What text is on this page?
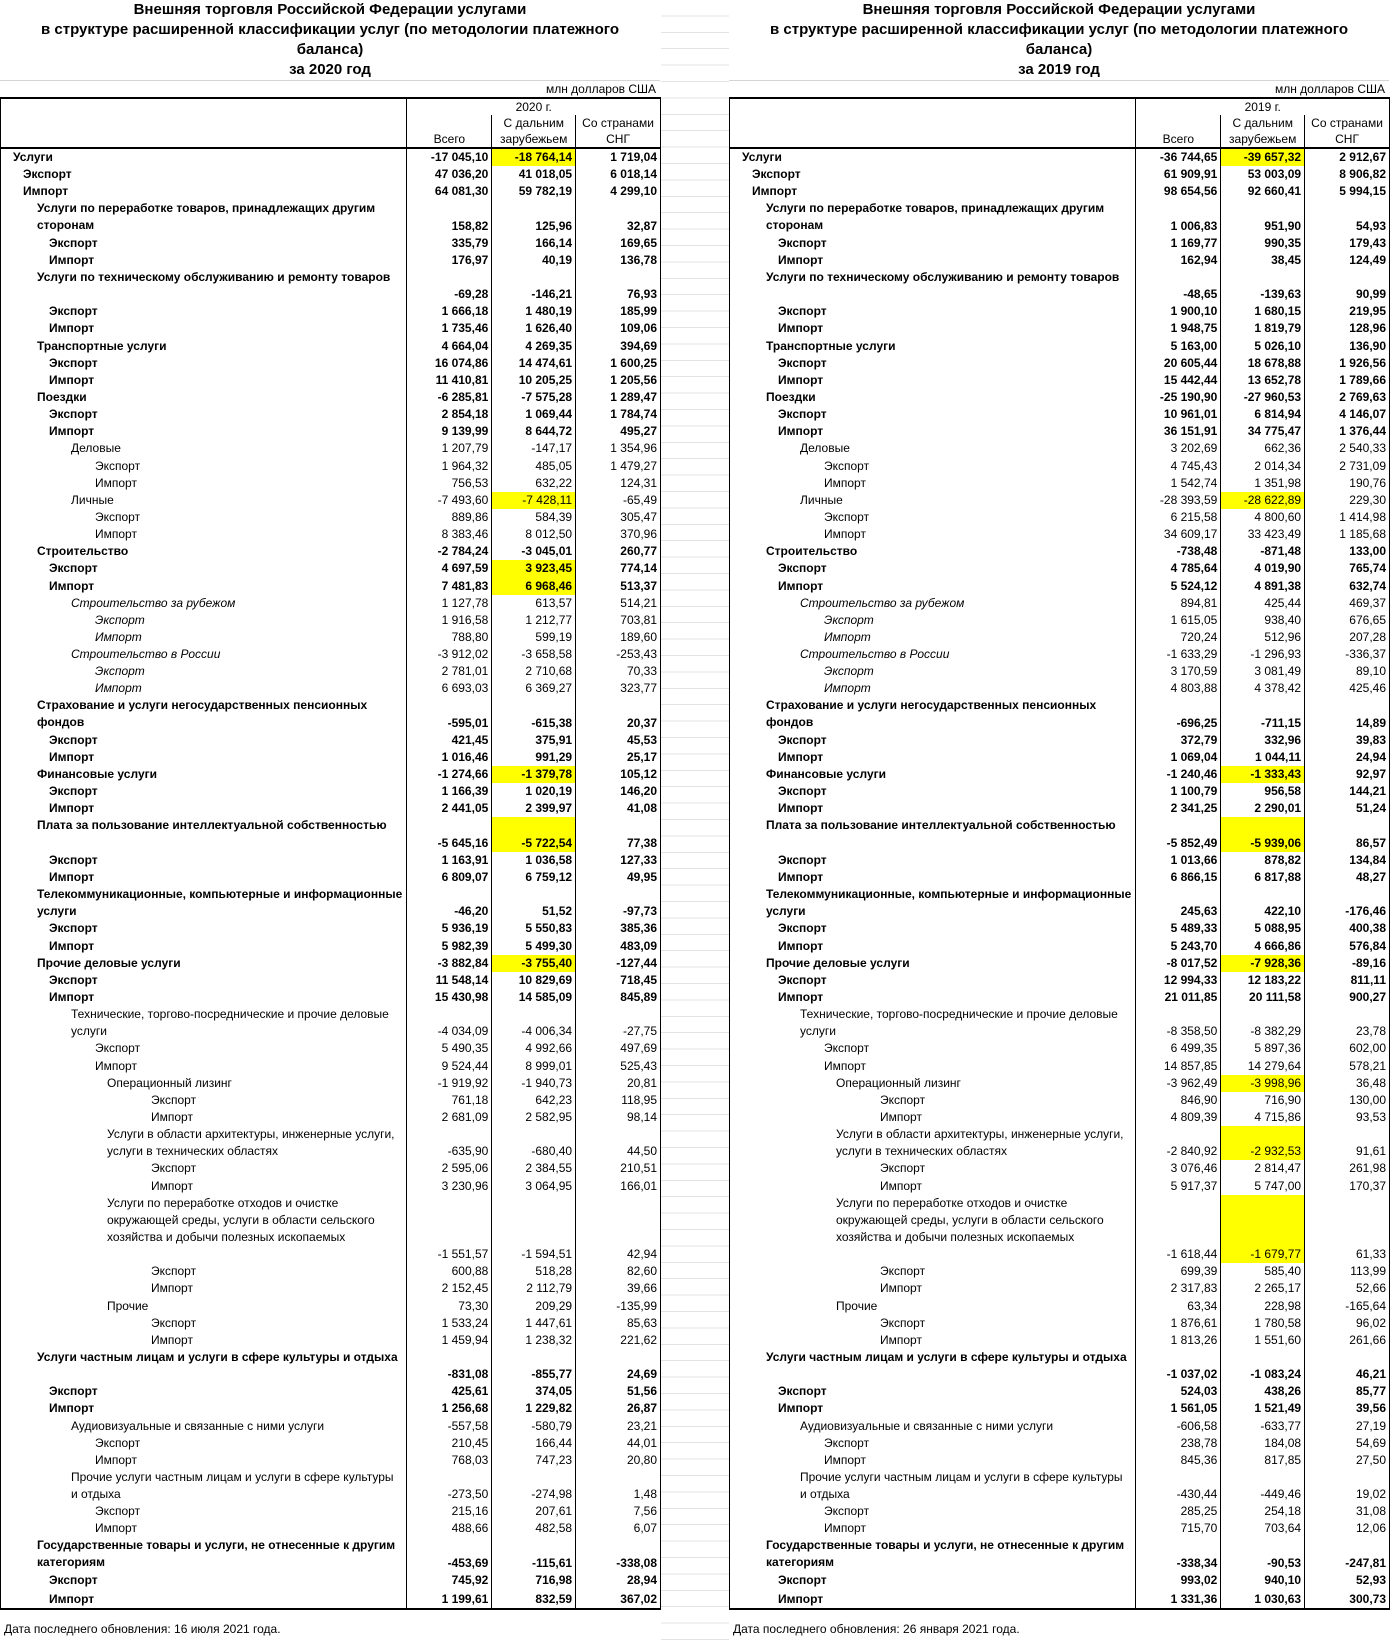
Внешняя торговля Российской Федерации услугами
в структуре расширенной классификации услуг (по методологии платежного
баланса)
за 2020 год
млн долларов США
	2020 г.		
		С дальним	Со странами
	Всего	зарубежьем	СНГ
Услуги	-17 045,10	-18 764,14	1 719,04
Экспорт	47 036,20	41 018,05	6 018,14
Импорт	64 081,30	59 782,19	4 299,10
Услуги по переработке товаров, принадлежащих другим сторонам	158,82	125,96	32,87
Экспорт	335,79	166,14	169,65
Импорт	176,97	40,19	136,78
Услуги по техническому обслуживанию и ремонту товаров	-69,28	-146,21	76,93
Экспорт	1 666,18	1 480,19	185,99
Импорт	1 735,46	1 626,40	109,06
Транспортные услуги	4 664,04	4 269,35	394,69
Экспорт	16 074,86	14 474,61	1 600,25
Импорт	11 410,81	10 205,25	1 205,56
Поездки	-6 285,81	-7 575,28	1 289,47
Экспорт	2 854,18	1 069,44	1 784,74
Импорт	9 139,99	8 644,72	495,27
Деловые	1 207,79	-147,17	1 354,96
Экспорт	1 964,32	485,05	1 479,27
Импорт	756,53	632,22	124,31
Личные	-7 493,60	-7 428,11	-65,49
Экспорт	889,86	584,39	305,47
Импорт	8 383,46	8 012,50	370,96
Строительство	-2 784,24	-3 045,01	260,77
Экспорт	4 697,59	3 923,45	774,14
Импорт	7 481,83	6 968,46	513,37
Строительство за рубежом	1 127,78	613,57	514,21
Экспорт	1 916,58	1 212,77	703,81
Импорт	788,80	599,19	189,60
Строительство в России	-3 912,02	-3 658,58	-253,43
Экспорт	2 781,01	2 710,68	70,33
Импорт	6 693,03	6 369,27	323,77
Страхование и услуги негосударственных пенсионных фондов	-595,01	-615,38	20,37
Экспорт	421,45	375,91	45,53
Импорт	1 016,46	991,29	25,17
Финансовые услуги	-1 274,66	-1 379,78	105,12
Экспорт	1 166,39	1 020,19	146,20
Импорт	2 441,05	2 399,97	41,08
Плата за пользование интеллектуальной собственностью	-5 645,16	-5 722,54	77,38
Экспорт	1 163,91	1 036,58	127,33
Импорт	6 809,07	6 759,12	49,95
Телекоммуникационные, компьютерные и информационные услуги	-46,20	51,52	-97,73
Экспорт	5 936,19	5 550,83	385,36
Импорт	5 982,39	5 499,30	483,09
Прочие деловые услуги	-3 882,84	-3 755,40	-127,44
Экспорт	11 548,14	10 829,69	718,45
Импорт	15 430,98	14 585,09	845,89
Технические, торгово-посреднические и прочие деловые услуги	-4 034,09	-4 006,34	-27,75
Экспорт	5 490,35	4 992,66	497,69
Импорт	9 524,44	8 999,01	525,43
Операционный лизинг	-1 919,92	-1 940,73	20,81
Экспорт	761,18	642,23	118,95
Импорт	2 681,09	2 582,95	98,14
Услуги в области архитектуры, инженерные услуги, услуги в технических областях	-635,90	-680,40	44,50
Экспорт	2 595,06	2 384,55	210,51
Импорт	3 230,96	3 064,95	166,01
Услуги по переработке отходов и очистке окружающей среды, услуги в области сельского хозяйства и добычи полезных ископаемых	-1 551,57	-1 594,51	42,94
Экспорт	600,88	518,28	82,60
Импорт	2 152,45	2 112,79	39,66
Прочие	73,30	209,29	-135,99
Экспорт	1 533,24	1 447,61	85,63
Импорт	1 459,94	1 238,32	221,62
Услуги частным лицам и услуги в сфере культуры и отдыха	-831,08	-855,77	24,69
Экспорт	425,61	374,05	51,56
Импорт	1 256,68	1 229,82	26,87
Аудиовизуальные и связанные с ними услуги	-557,58	-580,79	23,21
Экспорт	210,45	166,44	44,01
Импорт	768,03	747,23	20,80
Прочие услуги частным лицам и услуги в сфере культуры и отдыха	-273,50	-274,98	1,48
Экспорт	215,16	207,61	7,56
Импорт	488,66	482,58	6,07
Государственные товары и услуги, не отнесенные к другим категориям	-453,69	-115,61	-338,08
Экспорт	745,92	716,98	28,94
Импорт	1 199,61	832,59	367,02
Дата последнего обновления: 16 июля 2021 года.
Внешняя торговля Российской Федерации услугами
в структуре расширенной классификации услуг (по методологии платежного
баланса)
за 2019 год
млн долларов США
	2019 г.		
		С дальним	Со странами
	Всего	зарубежьем	СНГ
Услуги	-36 744,65	-39 657,32	2 912,67
Экспорт	61 909,91	53 003,09	8 906,82
Импорт	98 654,56	92 660,41	5 994,15
Услуги по переработке товаров, принадлежащих другим сторонам	1 006,83	951,90	54,93
Экспорт	1 169,77	990,35	179,43
Импорт	162,94	38,45	124,49
Услуги по техническому обслуживанию и ремонту товаров	-48,65	-139,63	90,99
Экспорт	1 900,10	1 680,15	219,95
Импорт	1 948,75	1 819,79	128,96
Транспортные услуги	5 163,00	5 026,10	136,90
Экспорт	20 605,44	18 678,88	1 926,56
Импорт	15 442,44	13 652,78	1 789,66
Поездки	-25 190,90	-27 960,53	2 769,63
Экспорт	10 961,01	6 814,94	4 146,07
Импорт	36 151,91	34 775,47	1 376,44
Деловые	3 202,69	662,36	2 540,33
Экспорт	4 745,43	2 014,34	2 731,09
Импорт	1 542,74	1 351,98	190,76
Личные	-28 393,59	-28 622,89	229,30
Экспорт	6 215,58	4 800,60	1 414,98
Импорт	34 609,17	33 423,49	1 185,68
Строительство	-738,48	-871,48	133,00
Экспорт	4 785,64	4 019,90	765,74
Импорт	5 524,12	4 891,38	632,74
Строительство за рубежом	894,81	425,44	469,37
Экспорт	1 615,05	938,40	676,65
Импорт	720,24	512,96	207,28
Строительство в России	-1 633,29	-1 296,93	-336,37
Экспорт	3 170,59	3 081,49	89,10
Импорт	4 803,88	4 378,42	425,46
Страхование и услуги негосударственных пенсионных фондов	-696,25	-711,15	14,89
Экспорт	372,79	332,96	39,83
Импорт	1 069,04	1 044,11	24,94
Финансовые услуги	-1 240,46	-1 333,43	92,97
Экспорт	1 100,79	956,58	144,21
Импорт	2 341,25	2 290,01	51,24
Плата за пользование интеллектуальной собственностью	-5 852,49	-5 939,06	86,57
Экспорт	1 013,66	878,82	134,84
Импорт	6 866,15	6 817,88	48,27
Телекоммуникационные, компьютерные и информационные услуги	245,63	422,10	-176,46
Экспорт	5 489,33	5 088,95	400,38
Импорт	5 243,70	4 666,86	576,84
Прочие деловые услуги	-8 017,52	-7 928,36	-89,16
Экспорт	12 994,33	12 183,22	811,11
Импорт	21 011,85	20 111,58	900,27
Технические, торгово-посреднические и прочие деловые услуги	-8 358,50	-8 382,29	23,78
Экспорт	6 499,35	5 897,36	602,00
Импорт	14 857,85	14 279,64	578,21
Операционный лизинг	-3 962,49	-3 998,96	36,48
Экспорт	846,90	716,90	130,00
Импорт	4 809,39	4 715,86	93,53
Услуги в области архитектуры, инженерные услуги, услуги в технических областях	-2 840,92	-2 932,53	91,61
Экспорт	3 076,46	2 814,47	261,98
Импорт	5 917,37	5 747,00	170,37
Услуги по переработке отходов и очистке окружающей среды, услуги в области сельского хозяйства и добычи полезных ископаемых	-1 618,44	-1 679,77	61,33
Экспорт	699,39	585,40	113,99
Импорт	2 317,83	2 265,17	52,66
Прочие	63,34	228,98	-165,64
Экспорт	1 876,61	1 780,58	96,02
Импорт	1 813,26	1 551,60	261,66
Услуги частным лицам и услуги в сфере культуры и отдыха	-1 037,02	-1 083,24	46,21
Экспорт	524,03	438,26	85,77
Импорт	1 561,05	1 521,49	39,56
Аудиовизуальные и связанные с ними услуги	-606,58	-633,77	27,19
Экспорт	238,78	184,08	54,69
Импорт	845,36	817,85	27,50
Прочие услуги частным лицам и услуги в сфере культуры и отдыха	-430,44	-449,46	19,02
Экспорт	285,25	254,18	31,08
Импорт	715,70	703,64	12,06
Государственные товары и услуги, не отнесенные к другим категориям	-338,34	-90,53	-247,81
Экспорт	993,02	940,10	52,93
Импорт	1 331,36	1 030,63	300,73
Дата последнего обновления: 26 января 2021 года.
